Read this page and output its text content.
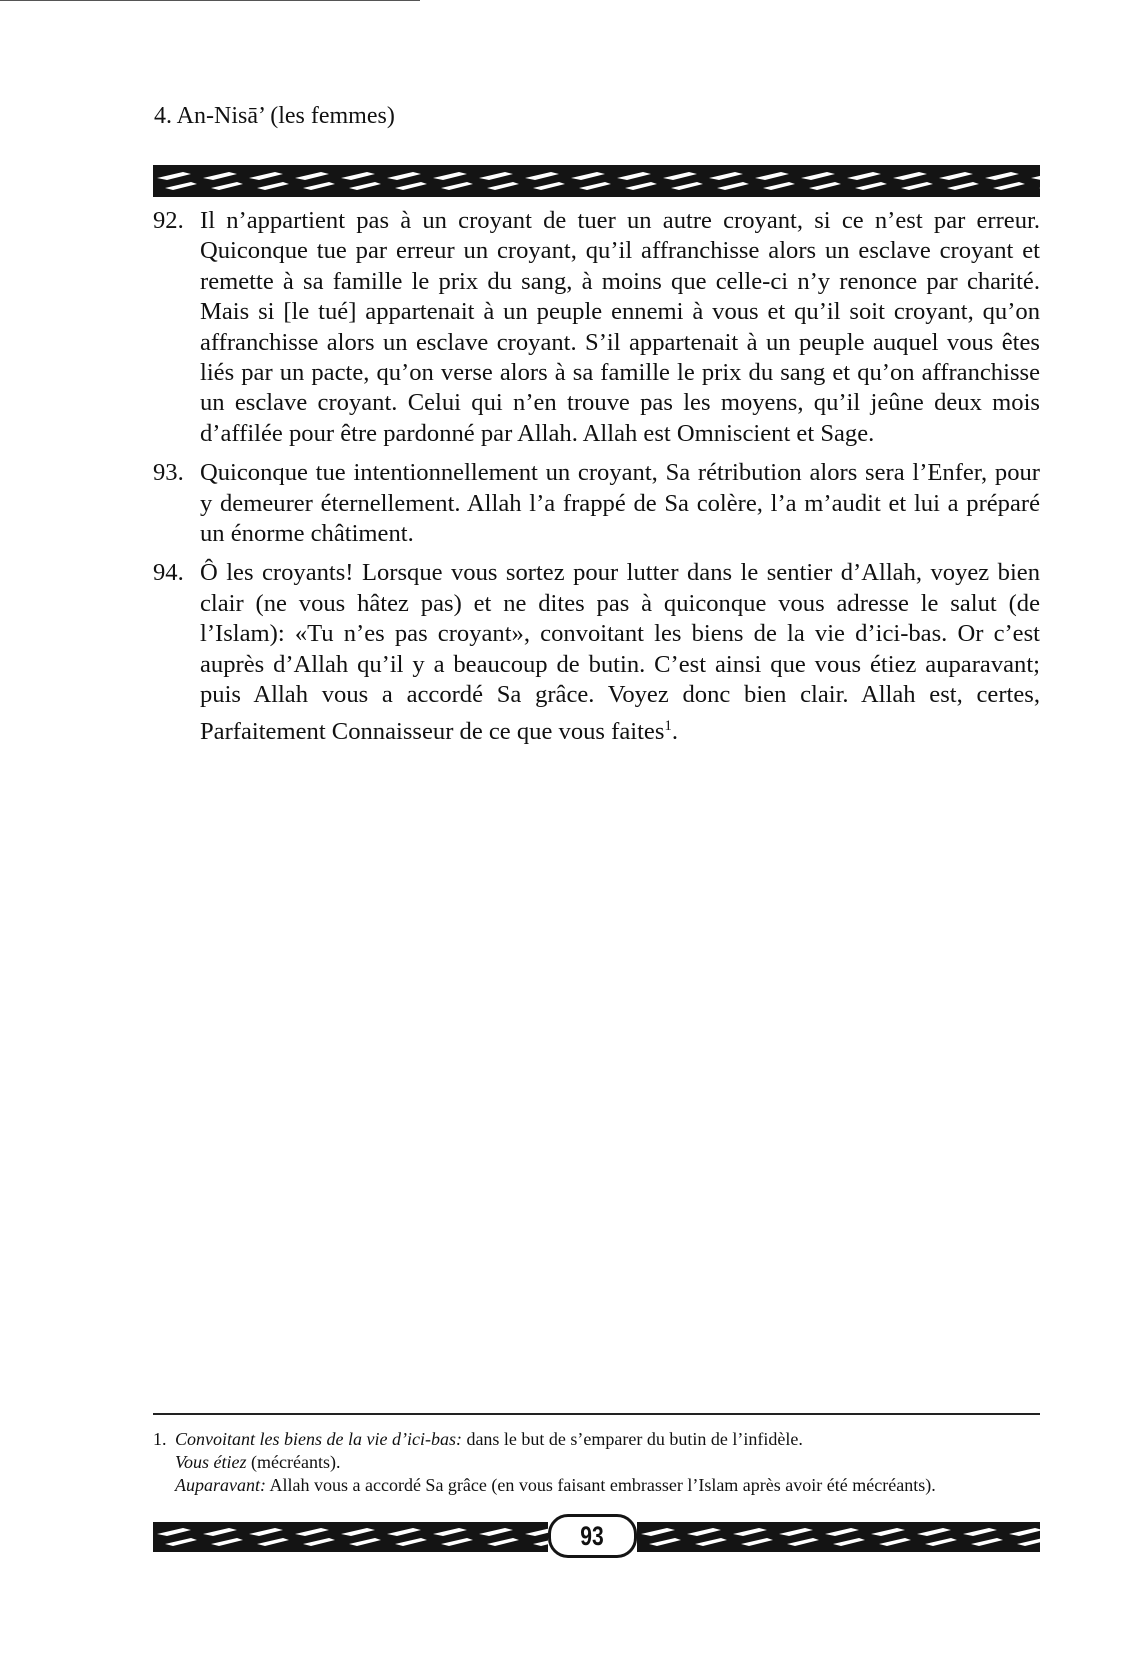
4. An-Nisā’ (les femmes)
92. Il n’appartient pas à un croyant de tuer un autre croyant, si ce n’est par erreur. Quiconque tue par erreur un croyant, qu’il affranchisse alors un esclave croyant et remette à sa famille le prix du sang, à moins que celle-ci n’y renonce par charité. Mais si [le tué] appartenait à un peuple ennemi à vous et qu’il soit croyant, qu’on affranchisse alors un esclave croyant. S’il appartenait à un peuple auquel vous êtes liés par un pacte, qu’on verse alors à sa famille le prix du sang et qu’on affranchisse un esclave croyant. Celui qui n’en trouve pas les moyens, qu’il jeûne deux mois d’affilée pour être pardonné par Allah. Allah est Omniscient et Sage.
93. Quiconque tue intentionnellement un croyant, Sa rétribution alors sera l’Enfer, pour y demeurer éternellement. Allah l’a frappé de Sa colère, l’a m’audit et lui a préparé un énorme châtiment.
94. Ô les croyants! Lorsque vous sortez pour lutter dans le sentier d’Allah, voyez bien clair (ne vous hâtez pas) et ne dites pas à quiconque vous adresse le salut (de l’Islam): «Tu n’es pas croyant», convoitant les biens de la vie d’ici-bas. Or c’est auprès d’Allah qu’il y a beaucoup de butin. C’est ainsi que vous étiez auparavant; puis Allah vous a accordé Sa grâce. Voyez donc bien clair. Allah est, certes, Parfaitement Connaisseur de ce que vous faites$^1$.
1. Convoitant les biens de la vie d’ici-bas: dans le but de s’emparer du butin de l’infidèle.
Vous étiez (mécréants).
Auparavant: Allah vous a accordé Sa grâce (en vous faisant embrasser l’Islam après avoir été mécréants).
93
